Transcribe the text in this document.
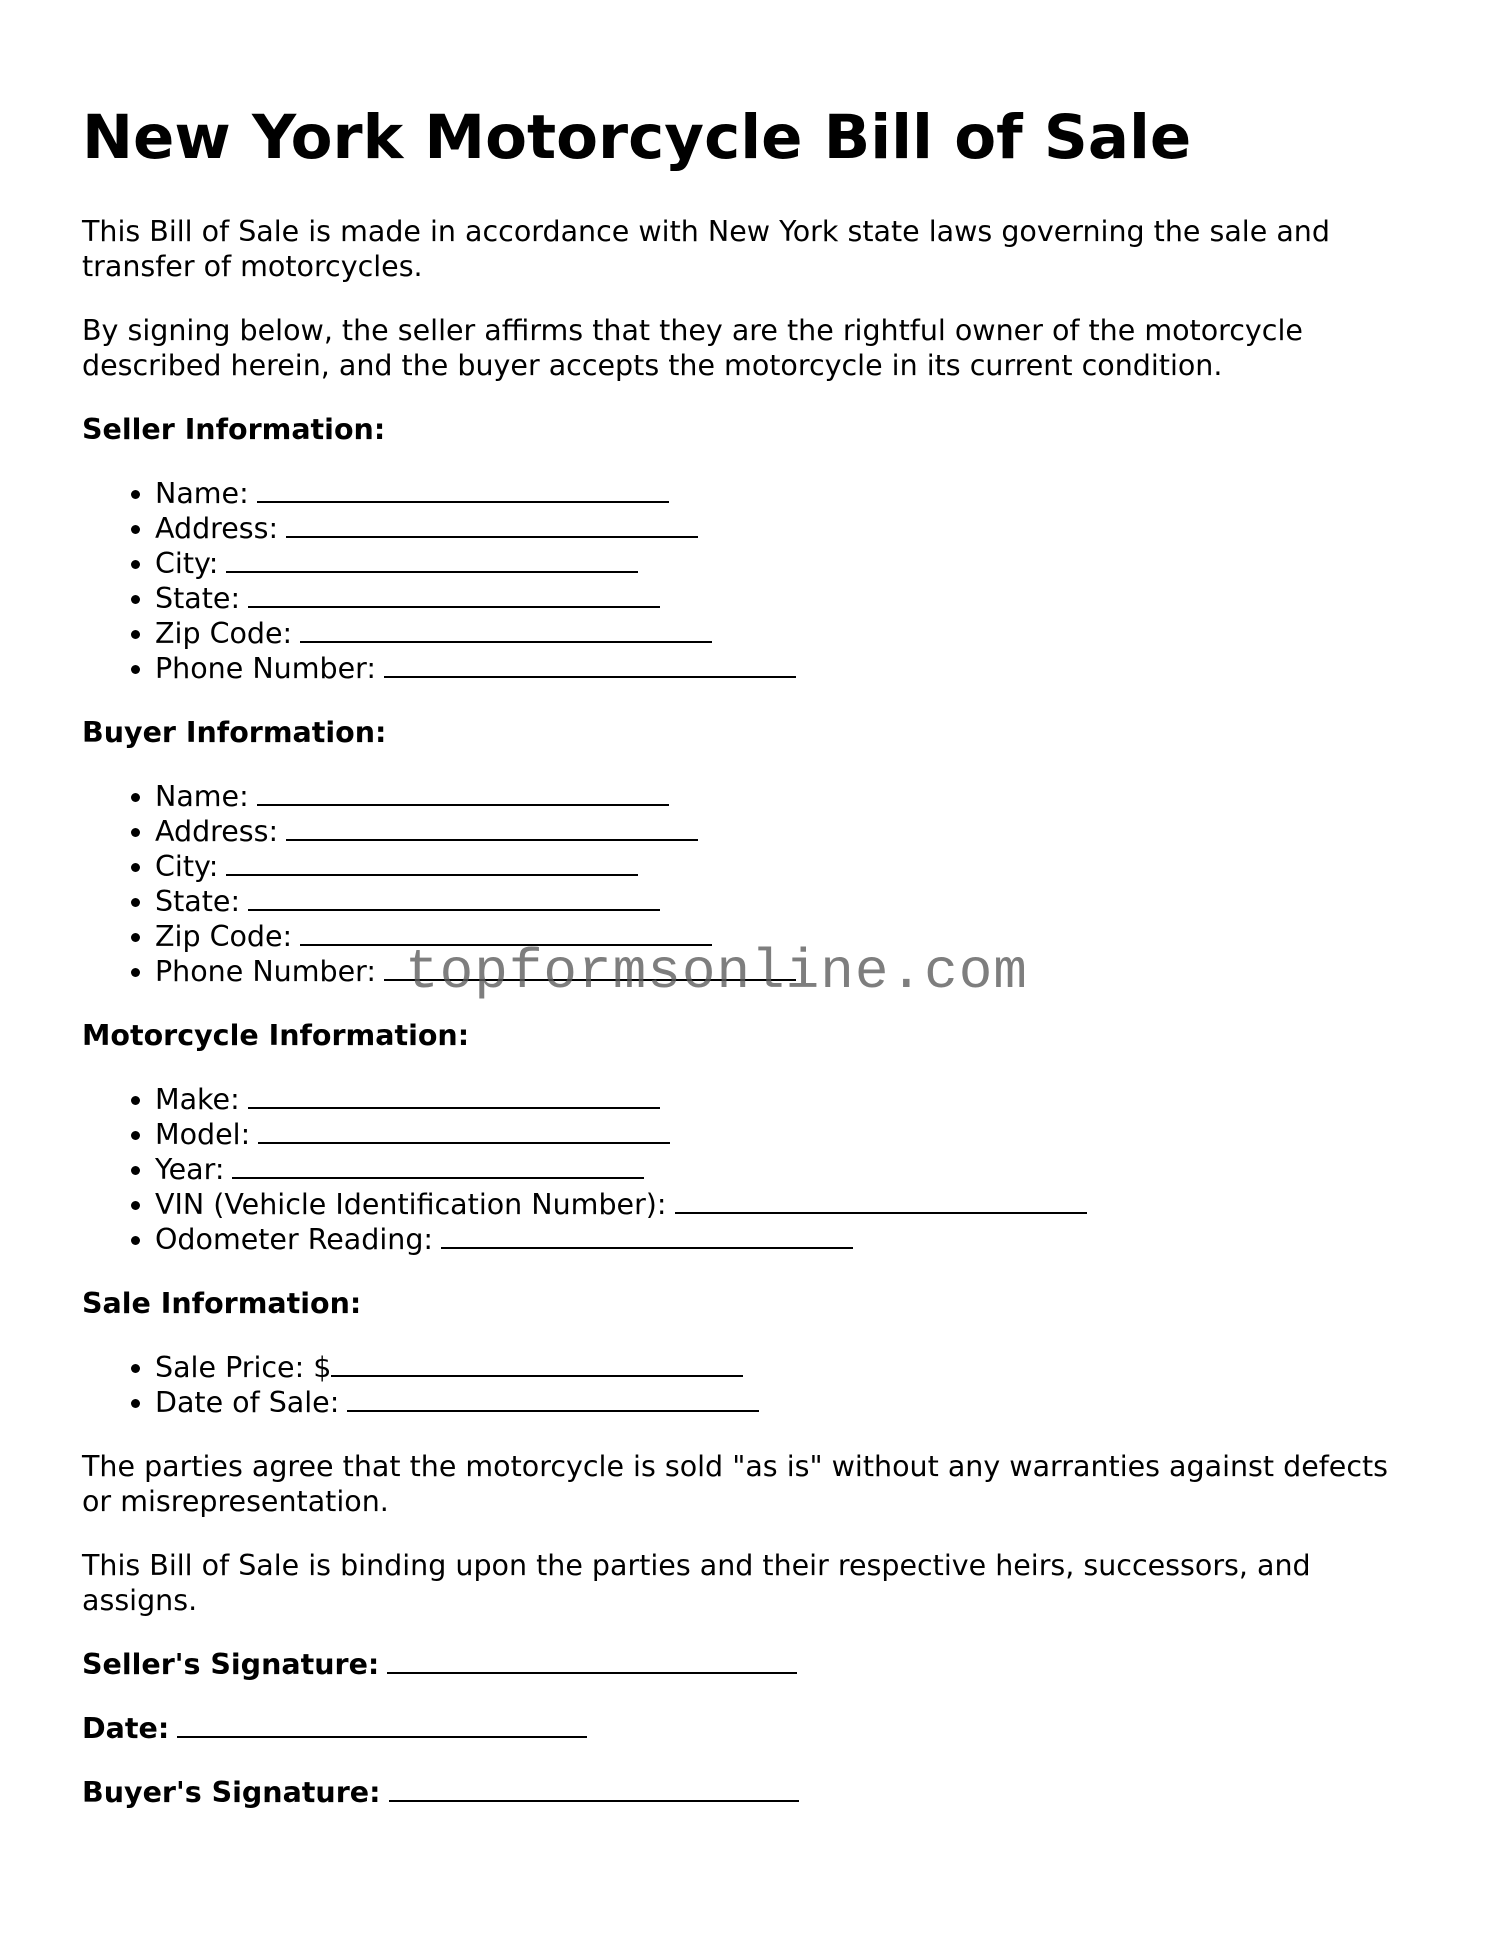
New York Motorcycle Bill of Sale

This Bill of Sale is made in accordance with New York state laws governing the sale and transfer of motorcycles.

By signing below, the seller affirms that they are the rightful owner of the motorcycle described herein, and the buyer accepts the motorcycle in its current condition.

Seller Information:
• Name:
• Address:
• City:
• State:
• Zip Code:
• Phone Number:
Buyer Information:
• Name:
• Address:
• City:
• State:
• Zip Code:
• Phone Number:
Motorcycle Information:
• Make:
• Model:
• Year:
• VIN (Vehicle Identification Number):
• Odometer Reading:
Sale Information:
• Sale Price: $
• Date of Sale:

The parties agree that the motorcycle is sold "as is" without any warranties against defects or misrepresentation.

This Bill of Sale is binding upon the parties and their respective heirs, successors, and assigns.

Seller's Signature:

Date:

Buyer's Signature:

topformsonline.com
